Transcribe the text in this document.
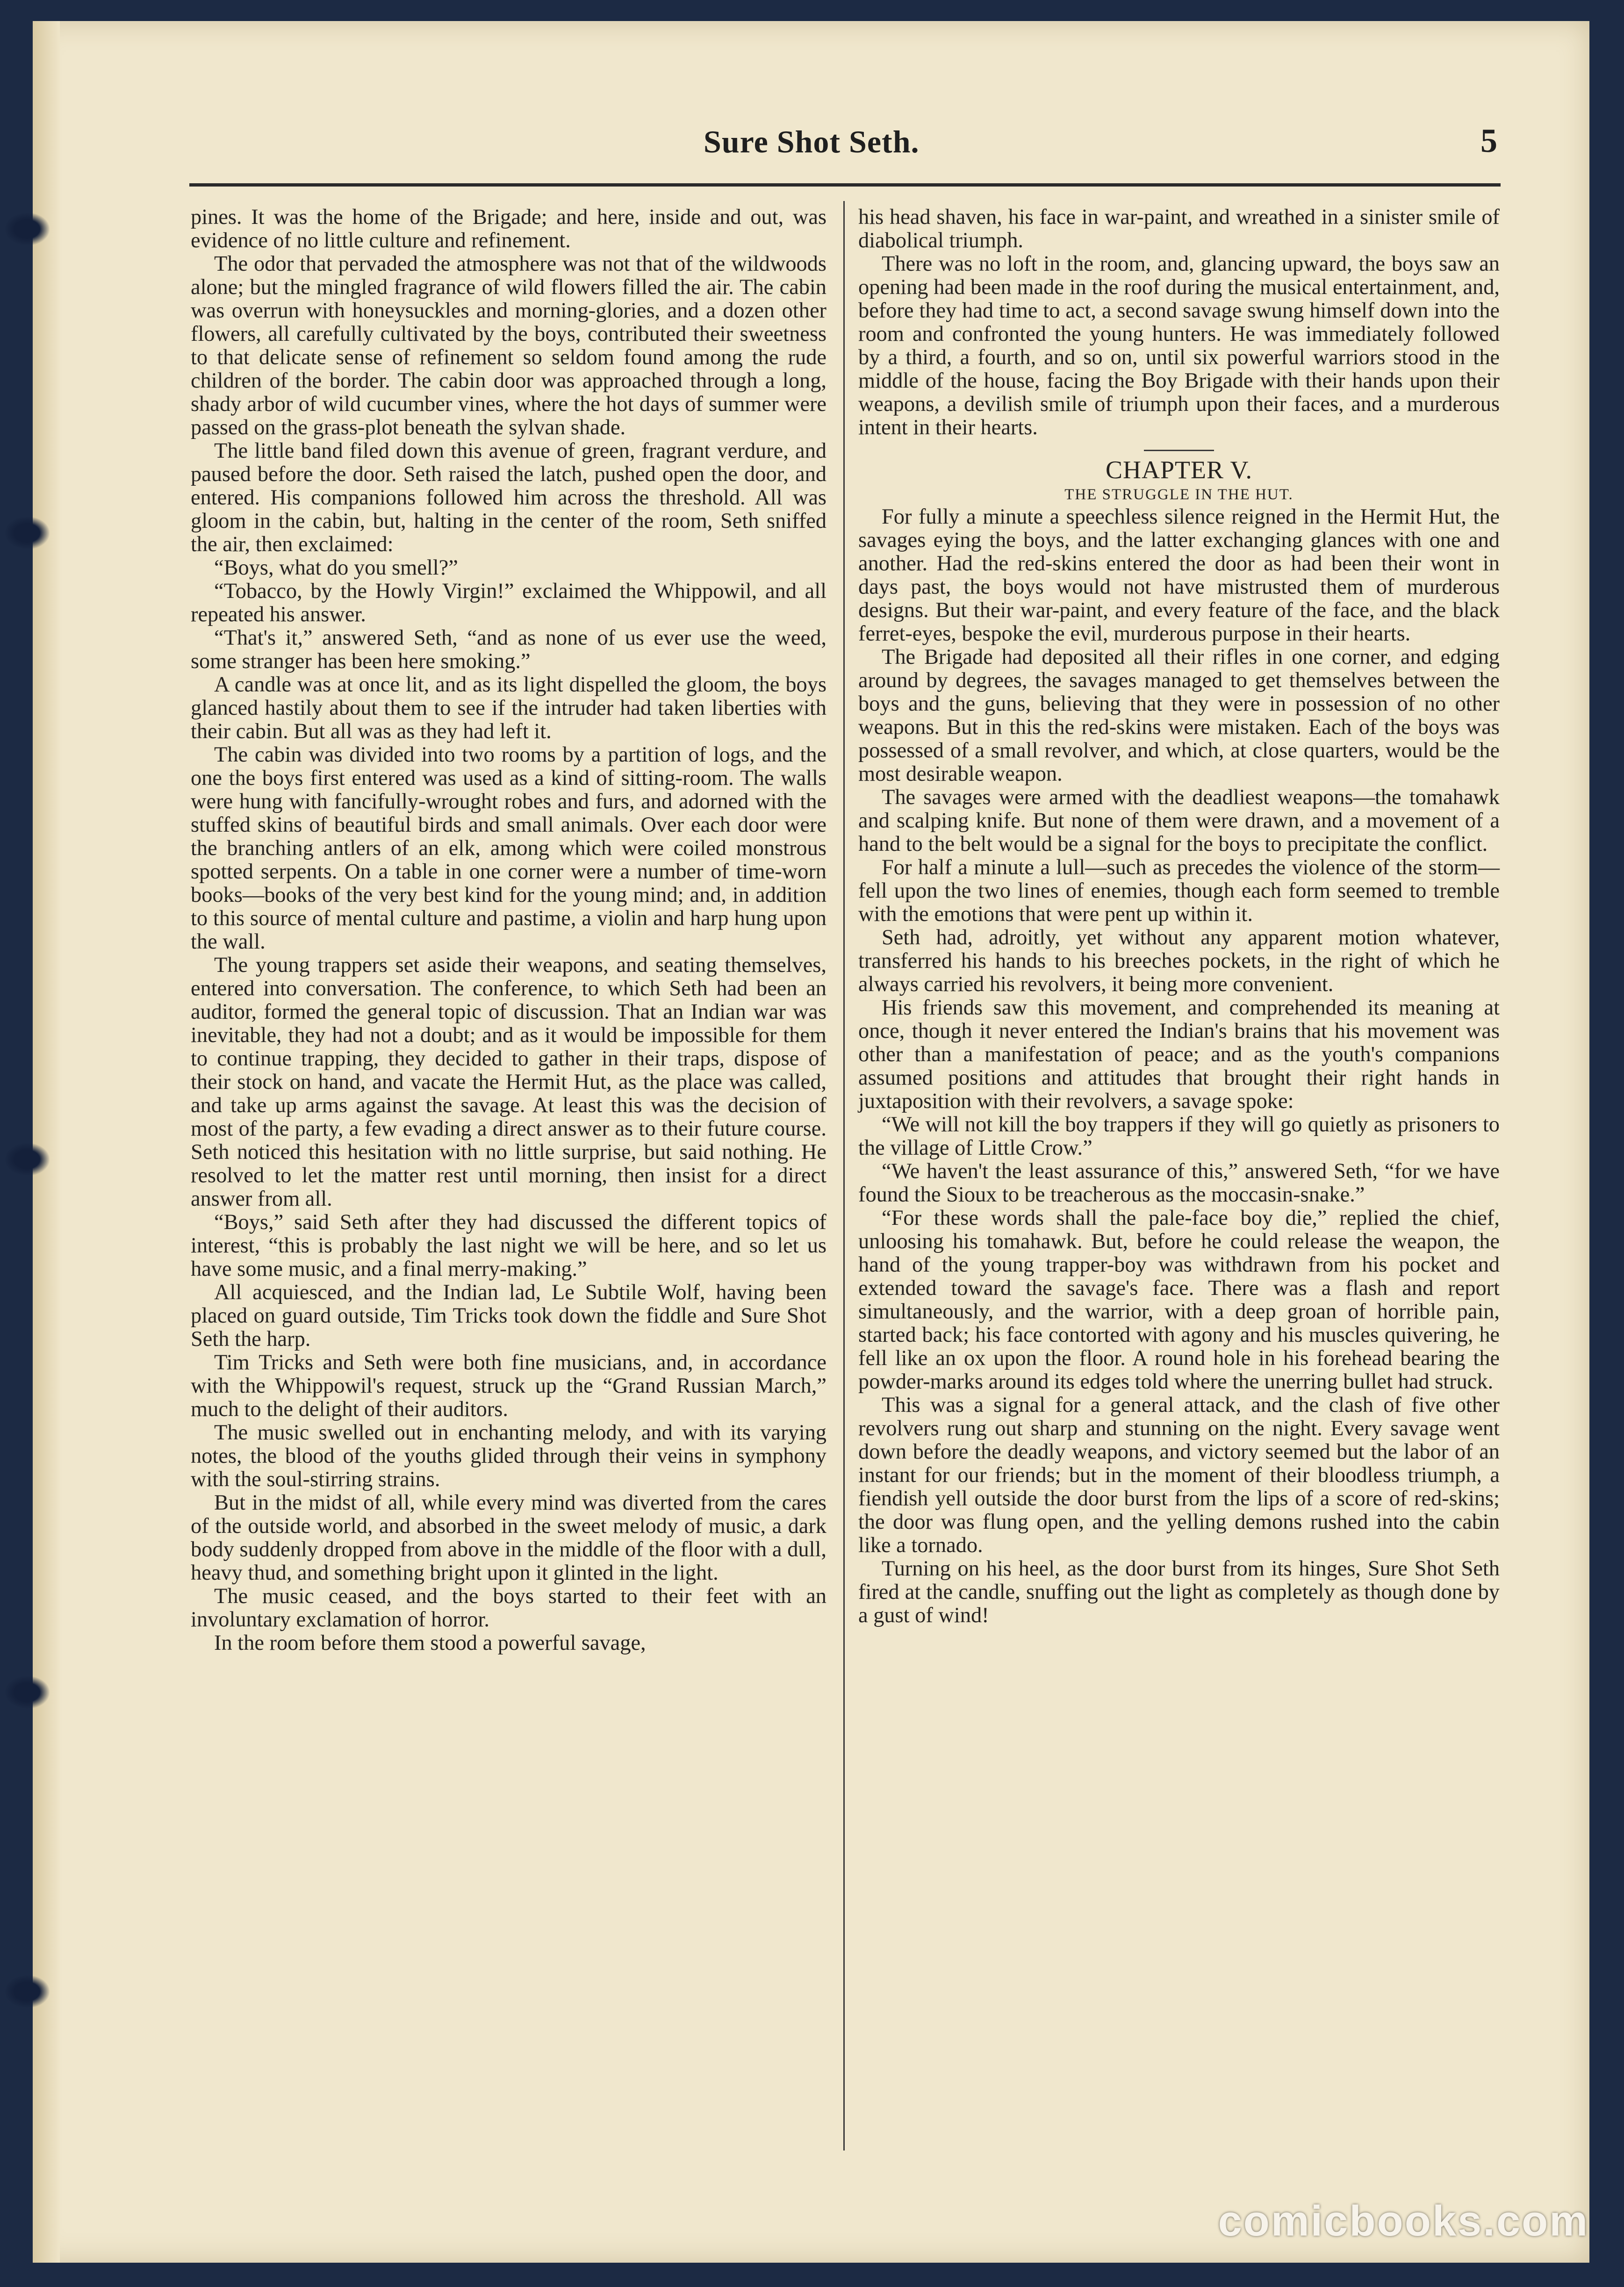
Sure Shot Seth.	5

pines. It was the home of the Brigade; and here, inside and out, was evidence of no little culture and refinement.

The odor that pervaded the atmosphere was not that of the wildwoods alone; but the mingled fragrance of wild flowers filled the air. The cabin was overrun with honeysuckles and morning-glories, and a dozen other flowers, all carefully cultivated by the boys, contributed their sweetness to that delicate sense of refinement so seldom found among the rude children of the border. The cabin door was approached through a long, shady arbor of wild cucumber vines, where the hot days of summer were passed on the grass-plot beneath the sylvan shade.

The little band filed down this avenue of green, fragrant verdure, and paused before the door. Seth raised the latch, pushed open the door, and entered. His companions followed him across the threshold. All was gloom in the cabin, but, halting in the center of the room, Seth sniffed the air, then exclaimed:

“Boys, what do you smell?”

“Tobacco, by the Howly Virgin!” exclaimed the Whippowil, and all repeated his answer.

“That's it,” answered Seth, “and as none of us ever use the weed, some stranger has been here smoking.”

A candle was at once lit, and as its light dispelled the gloom, the boys glanced hastily about them to see if the intruder had taken liberties with their cabin. But all was as they had left it.

The cabin was divided into two rooms by a partition of logs, and the one the boys first entered was used as a kind of sitting-room. The walls were hung with fancifully-wrought robes and furs, and adorned with the stuffed skins of beautiful birds and small animals. Over each door were the branching antlers of an elk, among which were coiled monstrous spotted serpents. On a table in one corner were a number of time-worn books—books of the very best kind for the young mind; and, in addition to this source of mental culture and pastime, a violin and harp hung upon the wall.

The young trappers set aside their weapons, and seating themselves, entered into conversation. The conference, to which Seth had been an auditor, formed the general topic of discussion. That an Indian war was inevitable, they had not a doubt; and as it would be impossible for them to continue trapping, they decided to gather in their traps, dispose of their stock on hand, and vacate the Hermit Hut, as the place was called, and take up arms against the savage. At least this was the decision of most of the party, a few evading a direct answer as to their future course. Seth noticed this hesitation with no little surprise, but said nothing. He resolved to let the matter rest until morning, then insist for a direct answer from all.

“Boys,” said Seth after they had discussed the different topics of interest, “this is probably the last night we will be here, and so let us have some music, and a final merry-making.”

All acquiesced, and the Indian lad, Le Subtile Wolf, having been placed on guard outside, Tim Tricks took down the fiddle and Sure Shot Seth the harp.

Tim Tricks and Seth were both fine musicians, and, in accordance with the Whippowil's request, struck up the “Grand Russian March,” much to the delight of their auditors.

The music swelled out in enchanting melody, and with its varying notes, the blood of the youths glided through their veins in symphony with the soul-stirring strains.

But in the midst of all, while every mind was diverted from the cares of the outside world, and absorbed in the sweet melody of music, a dark body suddenly dropped from above in the middle of the floor with a dull, heavy thud, and something bright upon it glinted in the light.

The music ceased, and the boys started to their feet with an involuntary exclamation of horror.

In the room before them stood a powerful savage,

his head shaven, his face in war-paint, and wreathed in a sinister smile of diabolical triumph.

There was no loft in the room, and, glancing upward, the boys saw an opening had been made in the roof during the musical entertainment, and, before they had time to act, a second savage swung himself down into the room and confronted the young hunters. He was immediately followed by a third, a fourth, and so on, until six powerful warriors stood in the middle of the house, facing the Boy Brigade with their hands upon their weapons, a devilish smile of triumph upon their faces, and a murderous intent in their hearts.

CHAPTER V.
THE STRUGGLE IN THE HUT.

For fully a minute a speechless silence reigned in the Hermit Hut, the savages eying the boys, and the latter exchanging glances with one and another. Had the red-skins entered the door as had been their wont in days past, the boys would not have mistrusted them of murderous designs. But their war-paint, and every feature of the face, and the black ferret-eyes, bespoke the evil, murderous purpose in their hearts.

The Brigade had deposited all their rifles in one corner, and edging around by degrees, the savages managed to get themselves between the boys and the guns, believing that they were in possession of no other weapons. But in this the red-skins were mistaken. Each of the boys was possessed of a small revolver, and which, at close quarters, would be the most desirable weapon.

The savages were armed with the deadliest weapons—the tomahawk and scalping knife. But none of them were drawn, and a movement of a hand to the belt would be a signal for the boys to precipitate the conflict.

For half a minute a lull—such as precedes the violence of the storm—fell upon the two lines of enemies, though each form seemed to tremble with the emotions that were pent up within it.

Seth had, adroitly, yet without any apparent motion whatever, transferred his hands to his breeches pockets, in the right of which he always carried his revolvers, it being more convenient.

His friends saw this movement, and comprehended its meaning at once, though it never entered the Indian's brains that his movement was other than a manifestation of peace; and as the youth's companions assumed positions and attitudes that brought their right hands in juxtaposition with their revolvers, a savage spoke:

“We will not kill the boy trappers if they will go quietly as prisoners to the village of Little Crow.”

“We haven't the least assurance of this,” answered Seth, “for we have found the Sioux to be treacherous as the moccasin-snake.”

“For these words shall the pale-face boy die,” replied the chief, unloosing his tomahawk. But, before he could release the weapon, the hand of the young trapper-boy was withdrawn from his pocket and extended toward the savage's face. There was a flash and report simultaneously, and the warrior, with a deep groan of horrible pain, started back; his face contorted with agony and his muscles quivering, he fell like an ox upon the floor. A round hole in his forehead bearing the powder-marks around its edges told where the unerring bullet had struck.

This was a signal for a general attack, and the clash of five other revolvers rung out sharp and stunning on the night. Every savage went down before the deadly weapons, and victory seemed but the labor of an instant for our friends; but in the moment of their bloodless triumph, a fiendish yell outside the door burst from the lips of a score of red-skins; the door was flung open, and the yelling demons rushed into the cabin like a tornado.

Turning on his heel, as the door burst from its hinges, Sure Shot Seth fired at the candle, snuffing out the light as completely as though done by a gust of wind!

comicbooks.com
